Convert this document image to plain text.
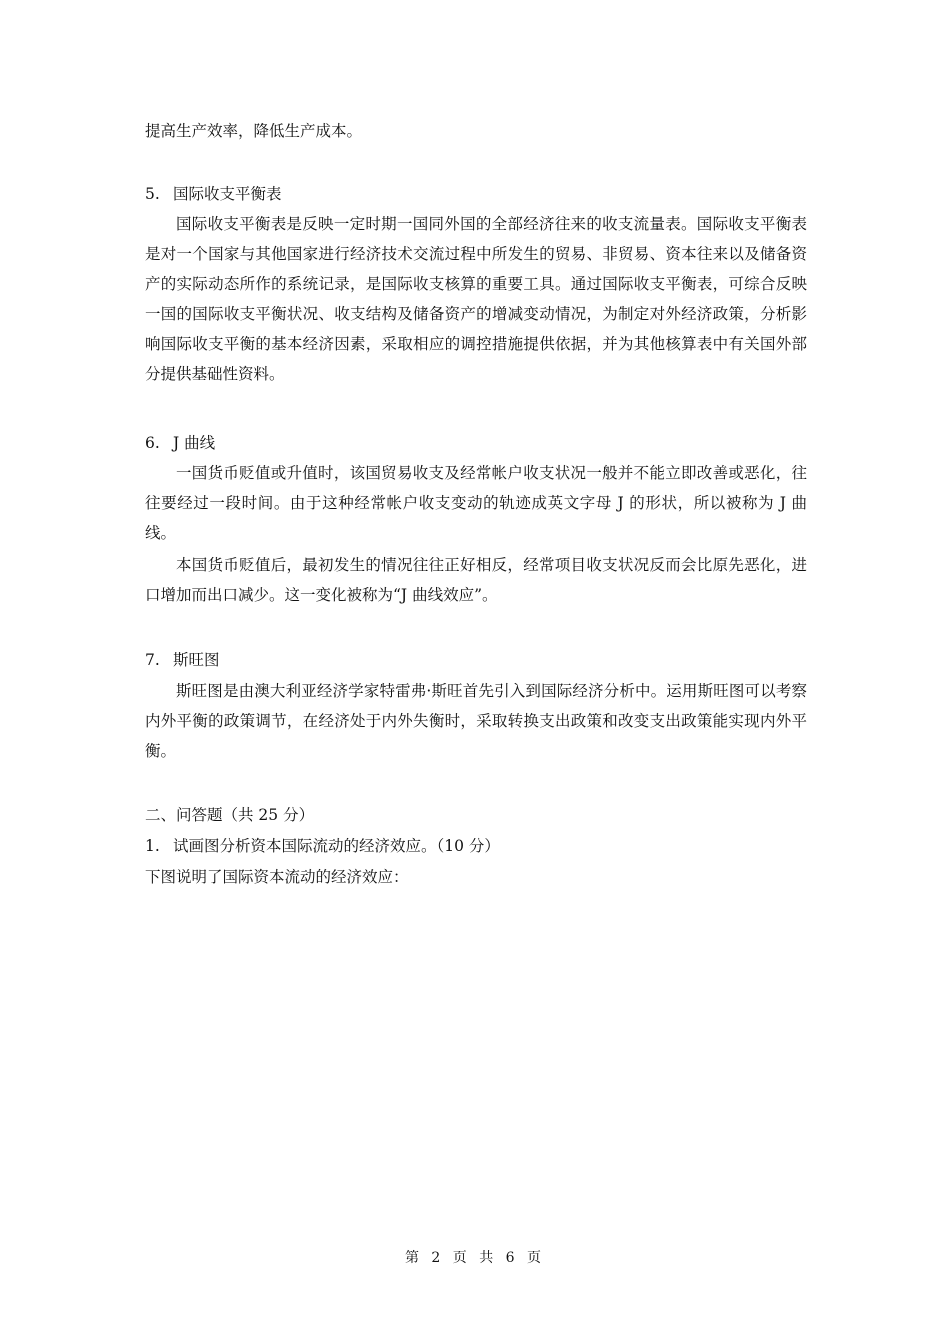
提高生产效率，降低生产成本。
5. 国际收支平衡表
国际收支平衡表是反映一定时期一国同外国的全部经济往来的收支流量表。国际收支平衡表是对一个国家与其他国家进行经济技术交流过程中所发生的贸易、非贸易、资本往来以及储备资产的实际动态所作的系统记录，是国际收支核算的重要工具。通过国际收支平衡表，可综合反映一国的国际收支平衡状况、收支结构及储备资产的增减变动情况，为制定对外经济政策，分析影响国际收支平衡的基本经济因素，采取相应的调控措施提供依据，并为其他核算表中有关国外部分提供基础性资料。
6. J 曲线
一国货币贬值或升值时，该国贸易收支及经常帐户收支状况一般并不能立即改善或恶化，往往要经过一段时间。由于这种经常帐户收支变动的轨迹成英文字母 J 的形状，所以被称为 J 曲线。
本国货币贬值后，最初发生的情况往往正好相反，经常项目收支状况反而会比原先恶化，进口增加而出口减少。这一变化被称为“J 曲线效应”。
7. 斯旺图
斯旺图是由澳大利亚经济学家特雷弗·斯旺首先引入到国际经济分析中。运用斯旺图可以考察内外平衡的政策调节，在经济处于内外失衡时，采取转换支出政策和改变支出政策能实现内外平衡。
二、问答题（共 25 分）
1. 试画图分析资本国际流动的经济效应。（10 分）
下图说明了国际资本流动的经济效应：
第 2 页 共 6 页
